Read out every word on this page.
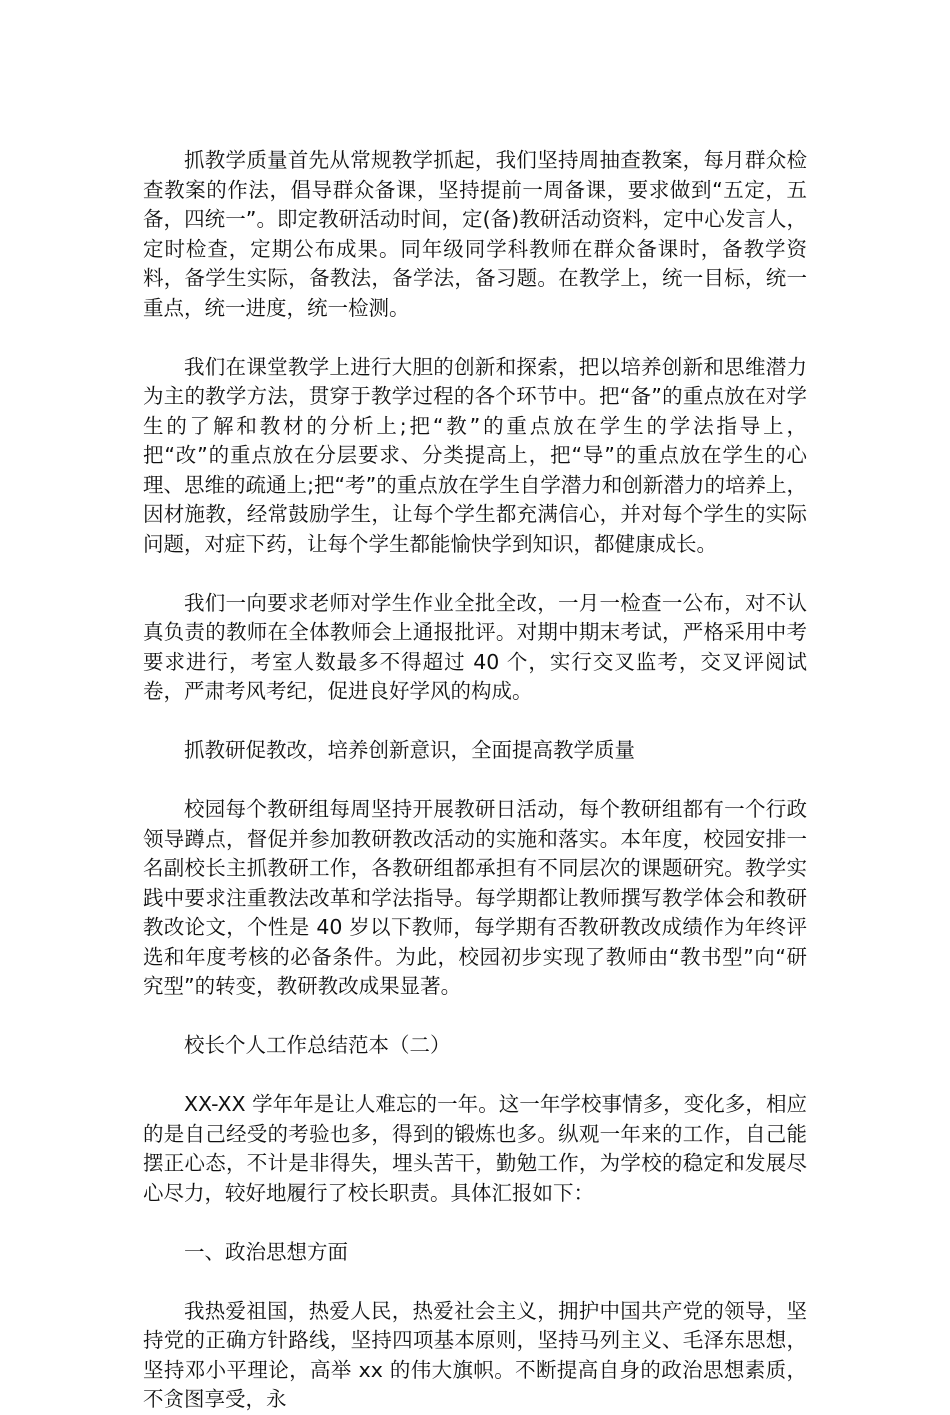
抓教学质量首先从常规教学抓起，我们坚持周抽查教案，每月群众检查教案的作法，倡导群众备课，坚持提前一周备课，要求做到“五定，五备，四统一”。即定教研活动时间，定(备)教研活动资料，定中心发言人，定时检查，定期公布成果。同年级同学科教师在群众备课时，备教学资料，备学生实际，备教法，备学法，备习题。在教学上，统一目标，统一重点，统一进度，统一检测。

我们在课堂教学上进行大胆的创新和探索，把以培养创新和思维潜力为主的教学方法，贯穿于教学过程的各个环节中。把“备”的重点放在对学生的了解和教材的分析上;把“教”的重点放在学生的学法指导上，把“改”的重点放在分层要求、分类提高上，把“导”的重点放在学生的心理、思维的疏通上;把“考”的重点放在学生自学潜力和创新潜力的培养上，因材施教，经常鼓励学生，让每个学生都充满信心，并对每个学生的实际问题，对症下药，让每个学生都能愉快学到知识，都健康成长。

我们一向要求老师对学生作业全批全改，一月一检查一公布，对不认真负责的教师在全体教师会上通报批评。对期中期末考试，严格采用中考要求进行，考室人数最多不得超过 40 个，实行交叉监考，交叉评阅试卷，严肃考风考纪，促进良好学风的构成。

抓教研促教改，培养创新意识，全面提高教学质量

校园每个教研组每周坚持开展教研日活动，每个教研组都有一个行政领导蹲点，督促并参加教研教改活动的实施和落实。本年度，校园安排一名副校长主抓教研工作，各教研组都承担有不同层次的课题研究。教学实践中要求注重教法改革和学法指导。每学期都让教师撰写教学体会和教研教改论文，个性是 40 岁以下教师，每学期有否教研教改成绩作为年终评选和年度考核的必备条件。为此，校园初步实现了教师由“教书型”向“研究型”的转变，教研教改成果显著。

校长个人工作总结范本（二）

XX-XX 学年年是让人难忘的一年。这一年学校事情多，变化多，相应的是自己经受的考验也多，得到的锻炼也多。纵观一年来的工作，自己能摆正心态，不计是非得失，埋头苦干，勤勉工作，为学校的稳定和发展尽心尽力，较好地履行了校长职责。具体汇报如下：

一、政治思想方面

我热爱祖国，热爱人民，热爱社会主义，拥护中国共产党的领导，坚持党的正确方针路线，坚持四项基本原则，坚持马列主义、毛泽东思想，坚持邓小平理论，高举 xx 的伟大旗帜。不断提高自身的政治思想素质，不贪图享受，永
